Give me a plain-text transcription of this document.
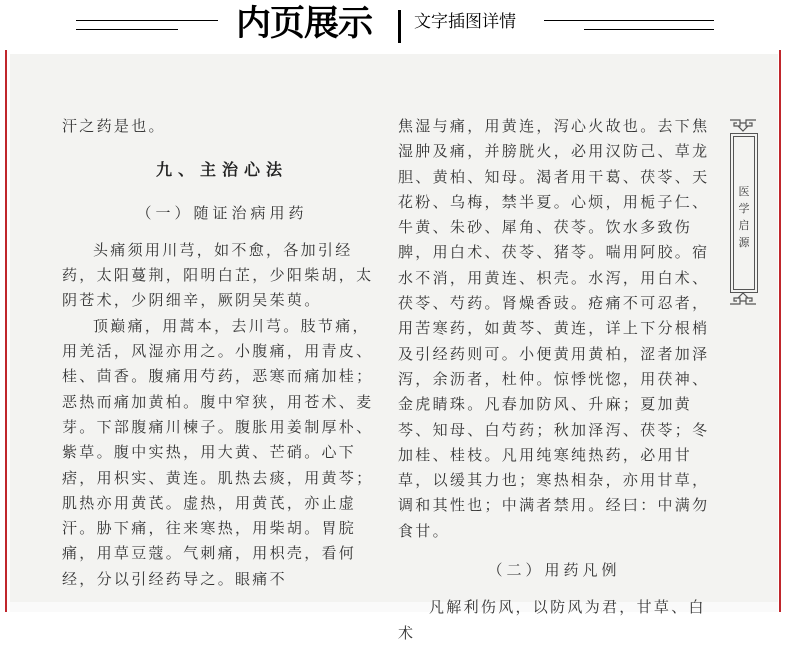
内页展示 文字插图详情

汗之药是也。

九、主治心法

（一）随证治病用药

头痛须用川芎，如不愈，各加引经药，太阳蔓荆，阳明白芷，少阳柴胡，太阴苍术，少阴细辛，厥阴吴茱萸。

顶巅痛，用蒿本，去川芎。肢节痛，用羌活，风湿亦用之。小腹痛，用青皮、桂、茴香。腹痛用芍药，恶寒而痛加桂；恶热而痛加黄柏。腹中窄狭，用苍术、麦芽。下部腹痛川楝子。腹胀用姜制厚朴、紫草。腹中实热，用大黄、芒硝。心下痞，用枳实、黄连。肌热去痰，用黄芩；肌热亦用黄芪。虚热，用黄芪，亦止虚汗。胁下痛，往来寒热，用柴胡。胃脘痛，用草豆蔻。气刺痛，用枳壳，看何经，分以引经药导之。眼痛不

焦湿与痛，用黄连，泻心火故也。去下焦湿肿及痛，并膀胱火，必用汉防己、草龙胆、黄柏、知母。渴者用干葛、茯苓、天花粉、乌梅，禁半夏。心烦，用栀子仁、牛黄、朱砂、犀角、茯苓。饮水多致伤脾，用白术、茯苓、猪苓。喘用阿胶。宿水不消，用黄连、枳壳。水泻，用白术、茯苓、芍药。肾燥香豉。疮痛不可忍者，用苦寒药，如黄芩、黄连，详上下分根梢及引经药则可。小便黄用黄柏，涩者加泽泻，余沥者，杜仲。惊悸恍惚，用茯神、金虎睛珠。凡春加防风、升麻；夏加黄芩、知母、白芍药；秋加泽泻、茯苓；冬加桂、桂枝。凡用纯寒纯热药，必用甘草，以缓其力也；寒热相杂，亦用甘草，调和其性也；中满者禁用。经曰：中满勿食甘。

（二）用药凡例

凡解利伤风，以防风为君，甘草、白术

医
学
启
源
